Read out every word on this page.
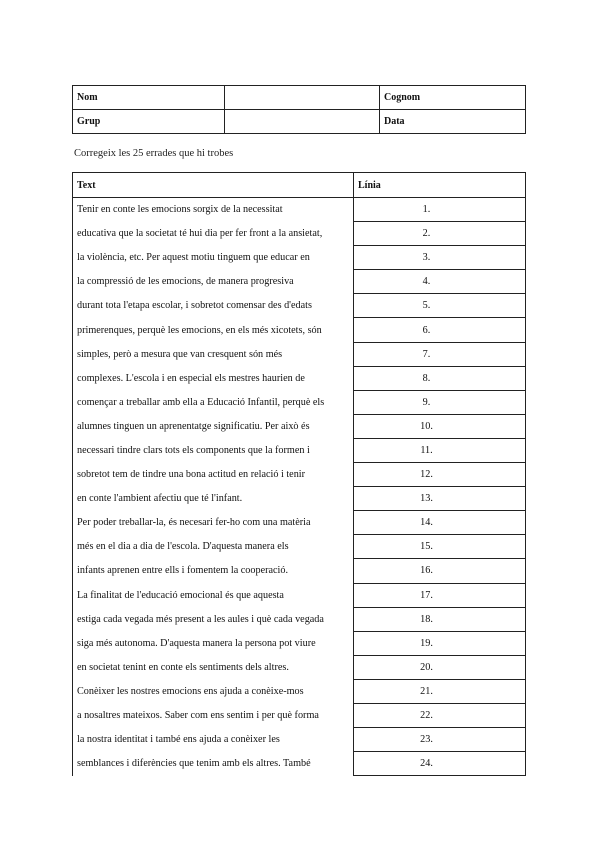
Nom		Cognom
Grup		Data
Corregeix les 25 errades que hi trobes
Text	Línia
Tenir en conte les emocions sorgix de la necessitat	1.
educativa que la societat té hui dia per fer front a la ansietat,	2.
la violència, etc. Per aquest motiu tinguem que educar en	3.
la compressió de les emocions, de manera progresiva	4.
durant tota l'etapa escolar, i sobretot comensar des d'edats	5.
primerenques, perquè les emocions, en els més xicotets, són	6.
simples, però a mesura que van cresquent són més	7.
complexes. L'escola i en especial els mestres haurien de	8.
començar a treballar amb ella a Educació Infantil, perquè els	9.
alumnes tinguen un aprenentatge significatiu. Per això és	10.
necessari tindre clars tots els components que la formen i	11.
sobretot tem de tindre una bona actitud en relació i tenir	12.
en conte l'ambient afectiu que té l'infant.	13.
Per poder treballar-la, és necesari fer-ho com una matèria	14.
més en el dia a dia de l'escola. D'aquesta manera els	15.
infants aprenen entre ells i fomentem la cooperació.	16.
La finalitat de l'educació emocional és que aquesta	17.
estiga cada vegada més present a les aules i què cada vegada	18.
siga més autonoma. D'aquesta manera la persona pot viure	19.
en societat tenint en conte els sentiments dels altres.	20.
Conèixer les nostres emocions ens ajuda a conèixe-mos	21.
a nosaltres mateixos. Saber com ens sentim i per què forma	22.
la nostra identitat i també ens ajuda a conèixer les	23.
semblances i diferències que tenim amb els altres. També	24.
